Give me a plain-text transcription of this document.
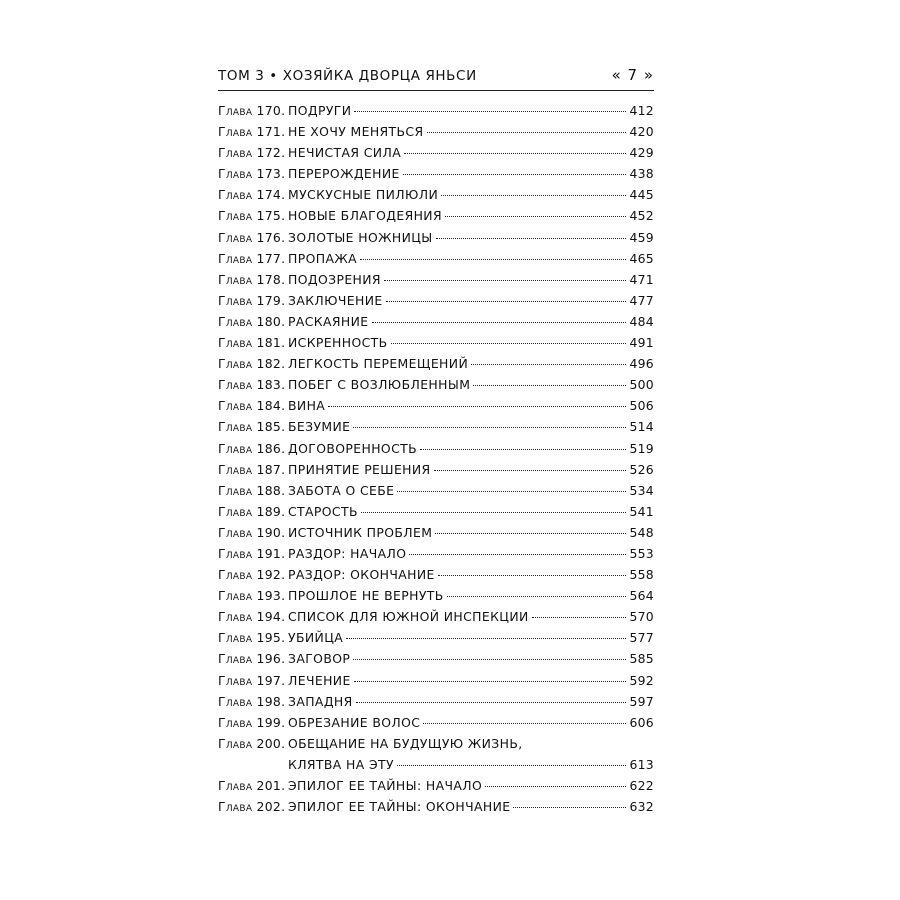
ТОМ 3 • ХОЗЯЙКА ДВОРЦА ЯНЬСИ	« 7 »
Глава 170. ПОДРУГИ	412
Глава 171. НЕ ХОЧУ МЕНЯТЬСЯ	420
Глава 172. НЕЧИСТАЯ СИЛА	429
Глава 173. ПЕРЕРОЖДЕНИЕ	438
Глава 174. МУСКУСНЫЕ ПИЛЮЛИ	445
Глава 175. НОВЫЕ БЛАГОДЕЯНИЯ	452
Глава 176. ЗОЛОТЫЕ НОЖНИЦЫ	459
Глава 177. ПРОПАЖА	465
Глава 178. ПОДОЗРЕНИЯ	471
Глава 179. ЗАКЛЮЧЕНИЕ	477
Глава 180. РАСКАЯНИЕ	484
Глава 181. ИСКРЕННОСТЬ	491
Глава 182. ЛЕГКОСТЬ ПЕРЕМЕЩЕНИЙ	496
Глава 183. ПОБЕГ С ВОЗЛЮБЛЕННЫМ	500
Глава 184. ВИНА	506
Глава 185. БЕЗУМИЕ	514
Глава 186. ДОГОВОРЕННОСТЬ	519
Глава 187. ПРИНЯТИЕ РЕШЕНИЯ	526
Глава 188. ЗАБОТА О СЕБЕ	534
Глава 189. СТАРОСТЬ	541
Глава 190. ИСТОЧНИК ПРОБЛЕМ	548
Глава 191. РАЗДОР: НАЧАЛО	553
Глава 192. РАЗДОР: ОКОНЧАНИЕ	558
Глава 193. ПРОШЛОЕ НЕ ВЕРНУТЬ	564
Глава 194. СПИСОК ДЛЯ ЮЖНОЙ ИНСПЕКЦИИ	570
Глава 195. УБИЙЦА	577
Глава 196. ЗАГОВОР	585
Глава 197. ЛЕЧЕНИЕ	592
Глава 198. ЗАПАДНЯ	597
Глава 199. ОБРЕЗАНИЕ ВОЛОС	606
Глава 200. ОБЕЩАНИЕ НА БУДУЩУЮ ЖИЗНЬ,
КЛЯТВА НА ЭТУ	613
Глава 201. ЭПИЛОГ ЕЕ ТАЙНЫ: НАЧАЛО	622
Глава 202. ЭПИЛОГ ЕЕ ТАЙНЫ: ОКОНЧАНИЕ	632
